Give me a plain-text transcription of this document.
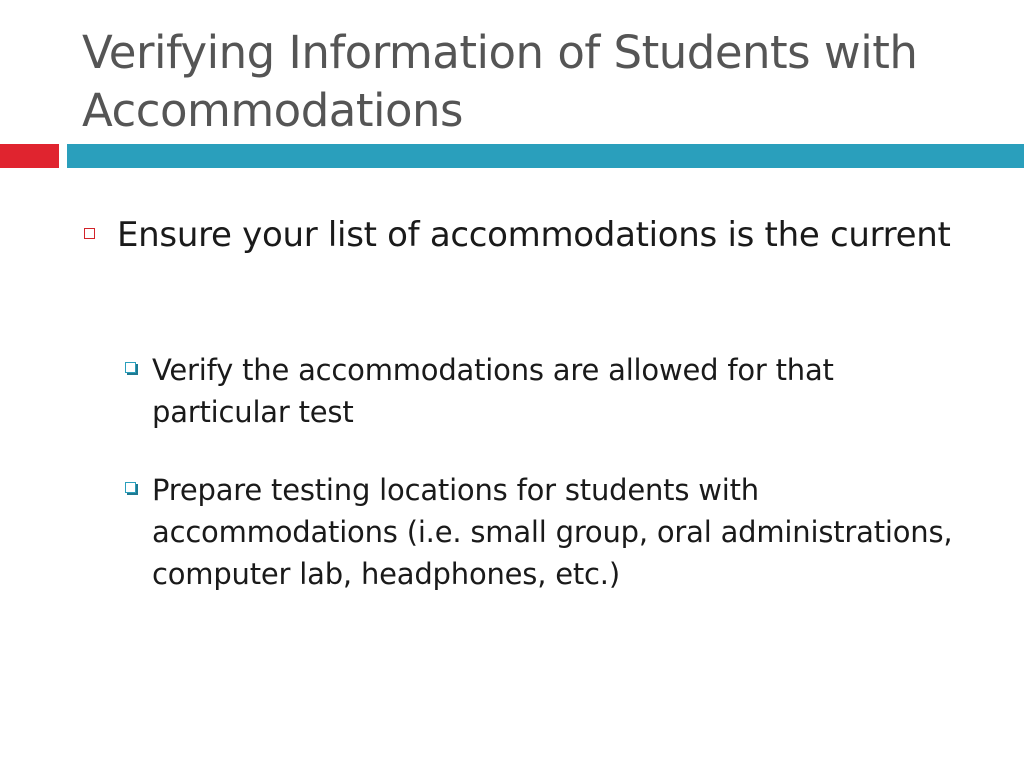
Verifying Information of Students with Accommodations
Ensure your list of accommodations is the current
Verify the accommodations are allowed for that particular test
Prepare testing locations for students with accommodations (i.e. small group, oral administrations, computer lab, headphones, etc.)
